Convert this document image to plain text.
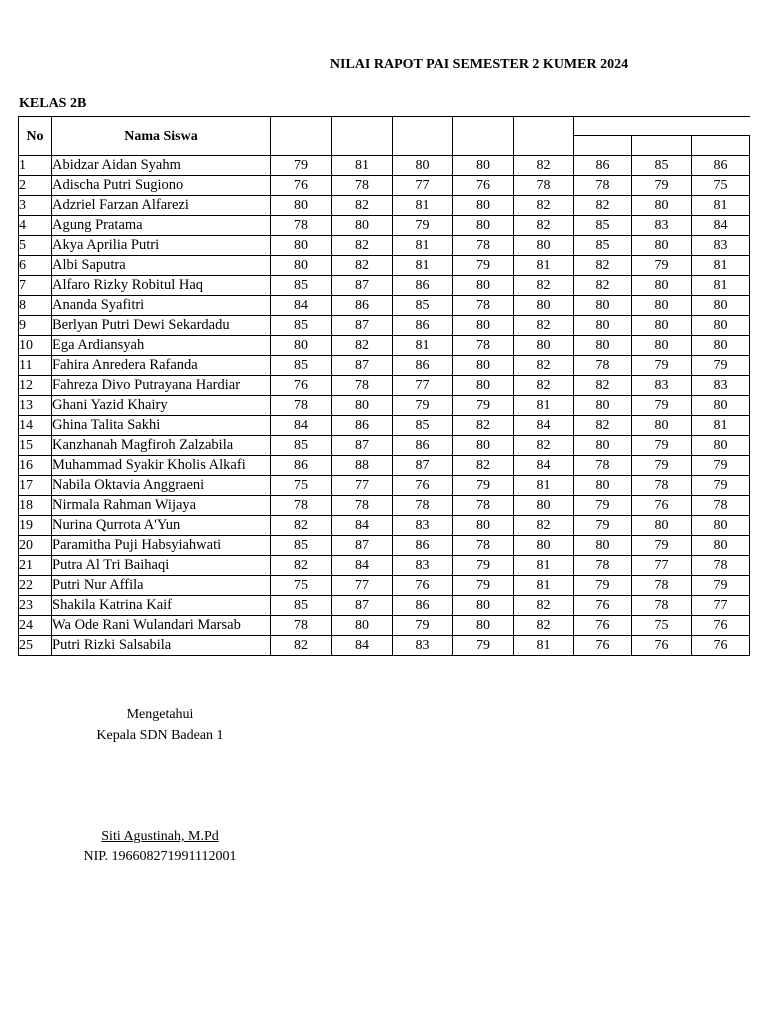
NILAI RAPOT PAI SEMESTER 2 KUMER 2024
KELAS 2B
No	Nama Siswa								

1	Abidzar Aidan Syahm	79	81	80	80	82	86	85	86
2	Adischa Putri Sugiono	76	78	77	76	78	78	79	75
3	Adzriel Farzan Alfarezi	80	82	81	80	82	82	80	81
4	Agung Pratama	78	80	79	80	82	85	83	84
5	Akya Aprilia Putri	80	82	81	78	80	85	80	83
6	Albi Saputra	80	82	81	79	81	82	79	81
7	Alfaro Rizky Robitul Haq	85	87	86	80	82	82	80	81
8	Ananda Syafitri	84	86	85	78	80	80	80	80
9	Berlyan Putri Dewi Sekardadu	85	87	86	80	82	80	80	80
10	Ega Ardiansyah	80	82	81	78	80	80	80	80
11	Fahira Anredera Rafanda	85	87	86	80	82	78	79	79
12	Fahreza Divo Putrayana Hardiar	76	78	77	80	82	82	83	83
13	Ghani Yazid Khairy	78	80	79	79	81	80	79	80
14	Ghina Talita Sakhi	84	86	85	82	84	82	80	81
15	Kanzhanah Magfiroh Zalzabila	85	87	86	80	82	80	79	80
16	Muhammad Syakir Kholis Alkafi	86	88	87	82	84	78	79	79
17	Nabila Oktavia Anggraeni	75	77	76	79	81	80	78	79
18	Nirmala Rahman Wijaya	78	78	78	78	80	79	76	78
19	Nurina Qurrota A'Yun	82	84	83	80	82	79	80	80
20	Paramitha Puji Habsyiahwati	85	87	86	78	80	80	79	80
21	Putra Al Tri Baihaqi	82	84	83	79	81	78	77	78
22	Putri Nur Affila	75	77	76	79	81	79	78	79
23	Shakila Katrina Kaif	85	87	86	80	82	76	78	77
24	Wa Ode Rani Wulandari Marsab	78	80	79	80	82	76	75	76
25	Putri Rizki Salsabila	82	84	83	79	81	76	76	76
Mengetahui
Kepala SDN Badean 1
Siti Agustinah, M.Pd
NIP. 196608271991112001
